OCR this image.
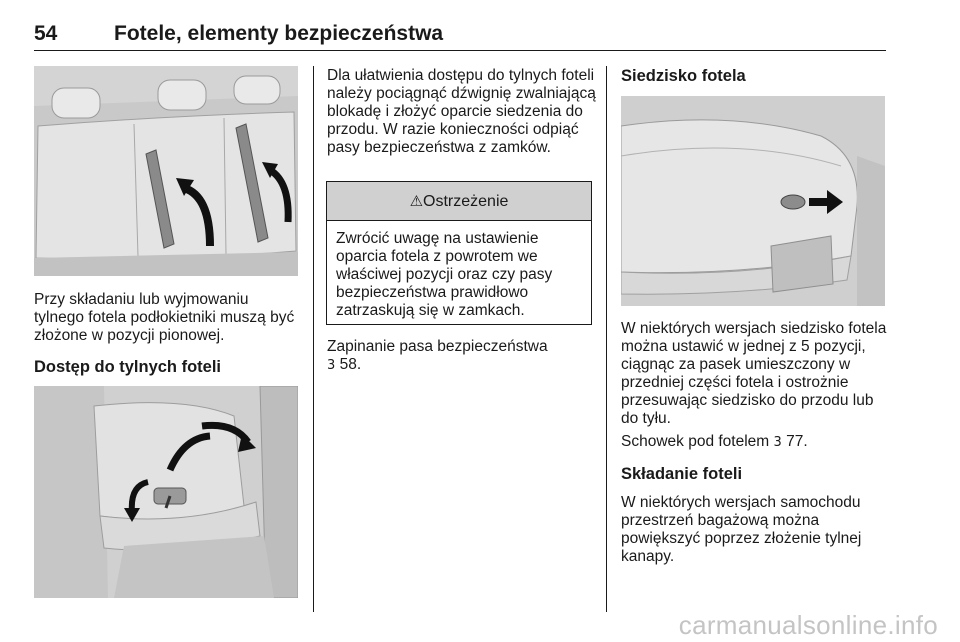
54	Fotele, elementy bezpieczeństwa

Przy składaniu lub wyjmowaniu tylnego fotela podłokietniki muszą być złożone w pozycji pionowej.

Dostęp do tylnych foteli

Dla ułatwienia dostępu do tylnych foteli należy pociągnąć dźwignię zwalniającą blokadę i złożyć oparcie siedzenia do przodu. W razie konieczności odpiąć pasy bezpieczeństwa z zamków.

⚠Ostrzeżenie

Zwrócić uwagę na ustawienie oparcia fotela z powrotem we właściwej pozycji oraz czy pasy bezpieczeństwa prawidłowo zatrzaskują się w zamkach.

Zapinanie pasa bezpieczeństwa
3 58.

Siedzisko fotela

W niektórych wersjach siedzisko fotela można ustawić w jednej z 5 pozycji, ciągnąc za pasek umieszczony w przedniej części fotela i ostrożnie przesuwając siedzisko do przodu lub do tyłu.

Schowek pod fotelem 3 77.

Składanie foteli

W niektórych wersjach samochodu przestrzeń bagażową można powiększyć poprzez złożenie tylnej kanapy.

carmanualsonline.info
